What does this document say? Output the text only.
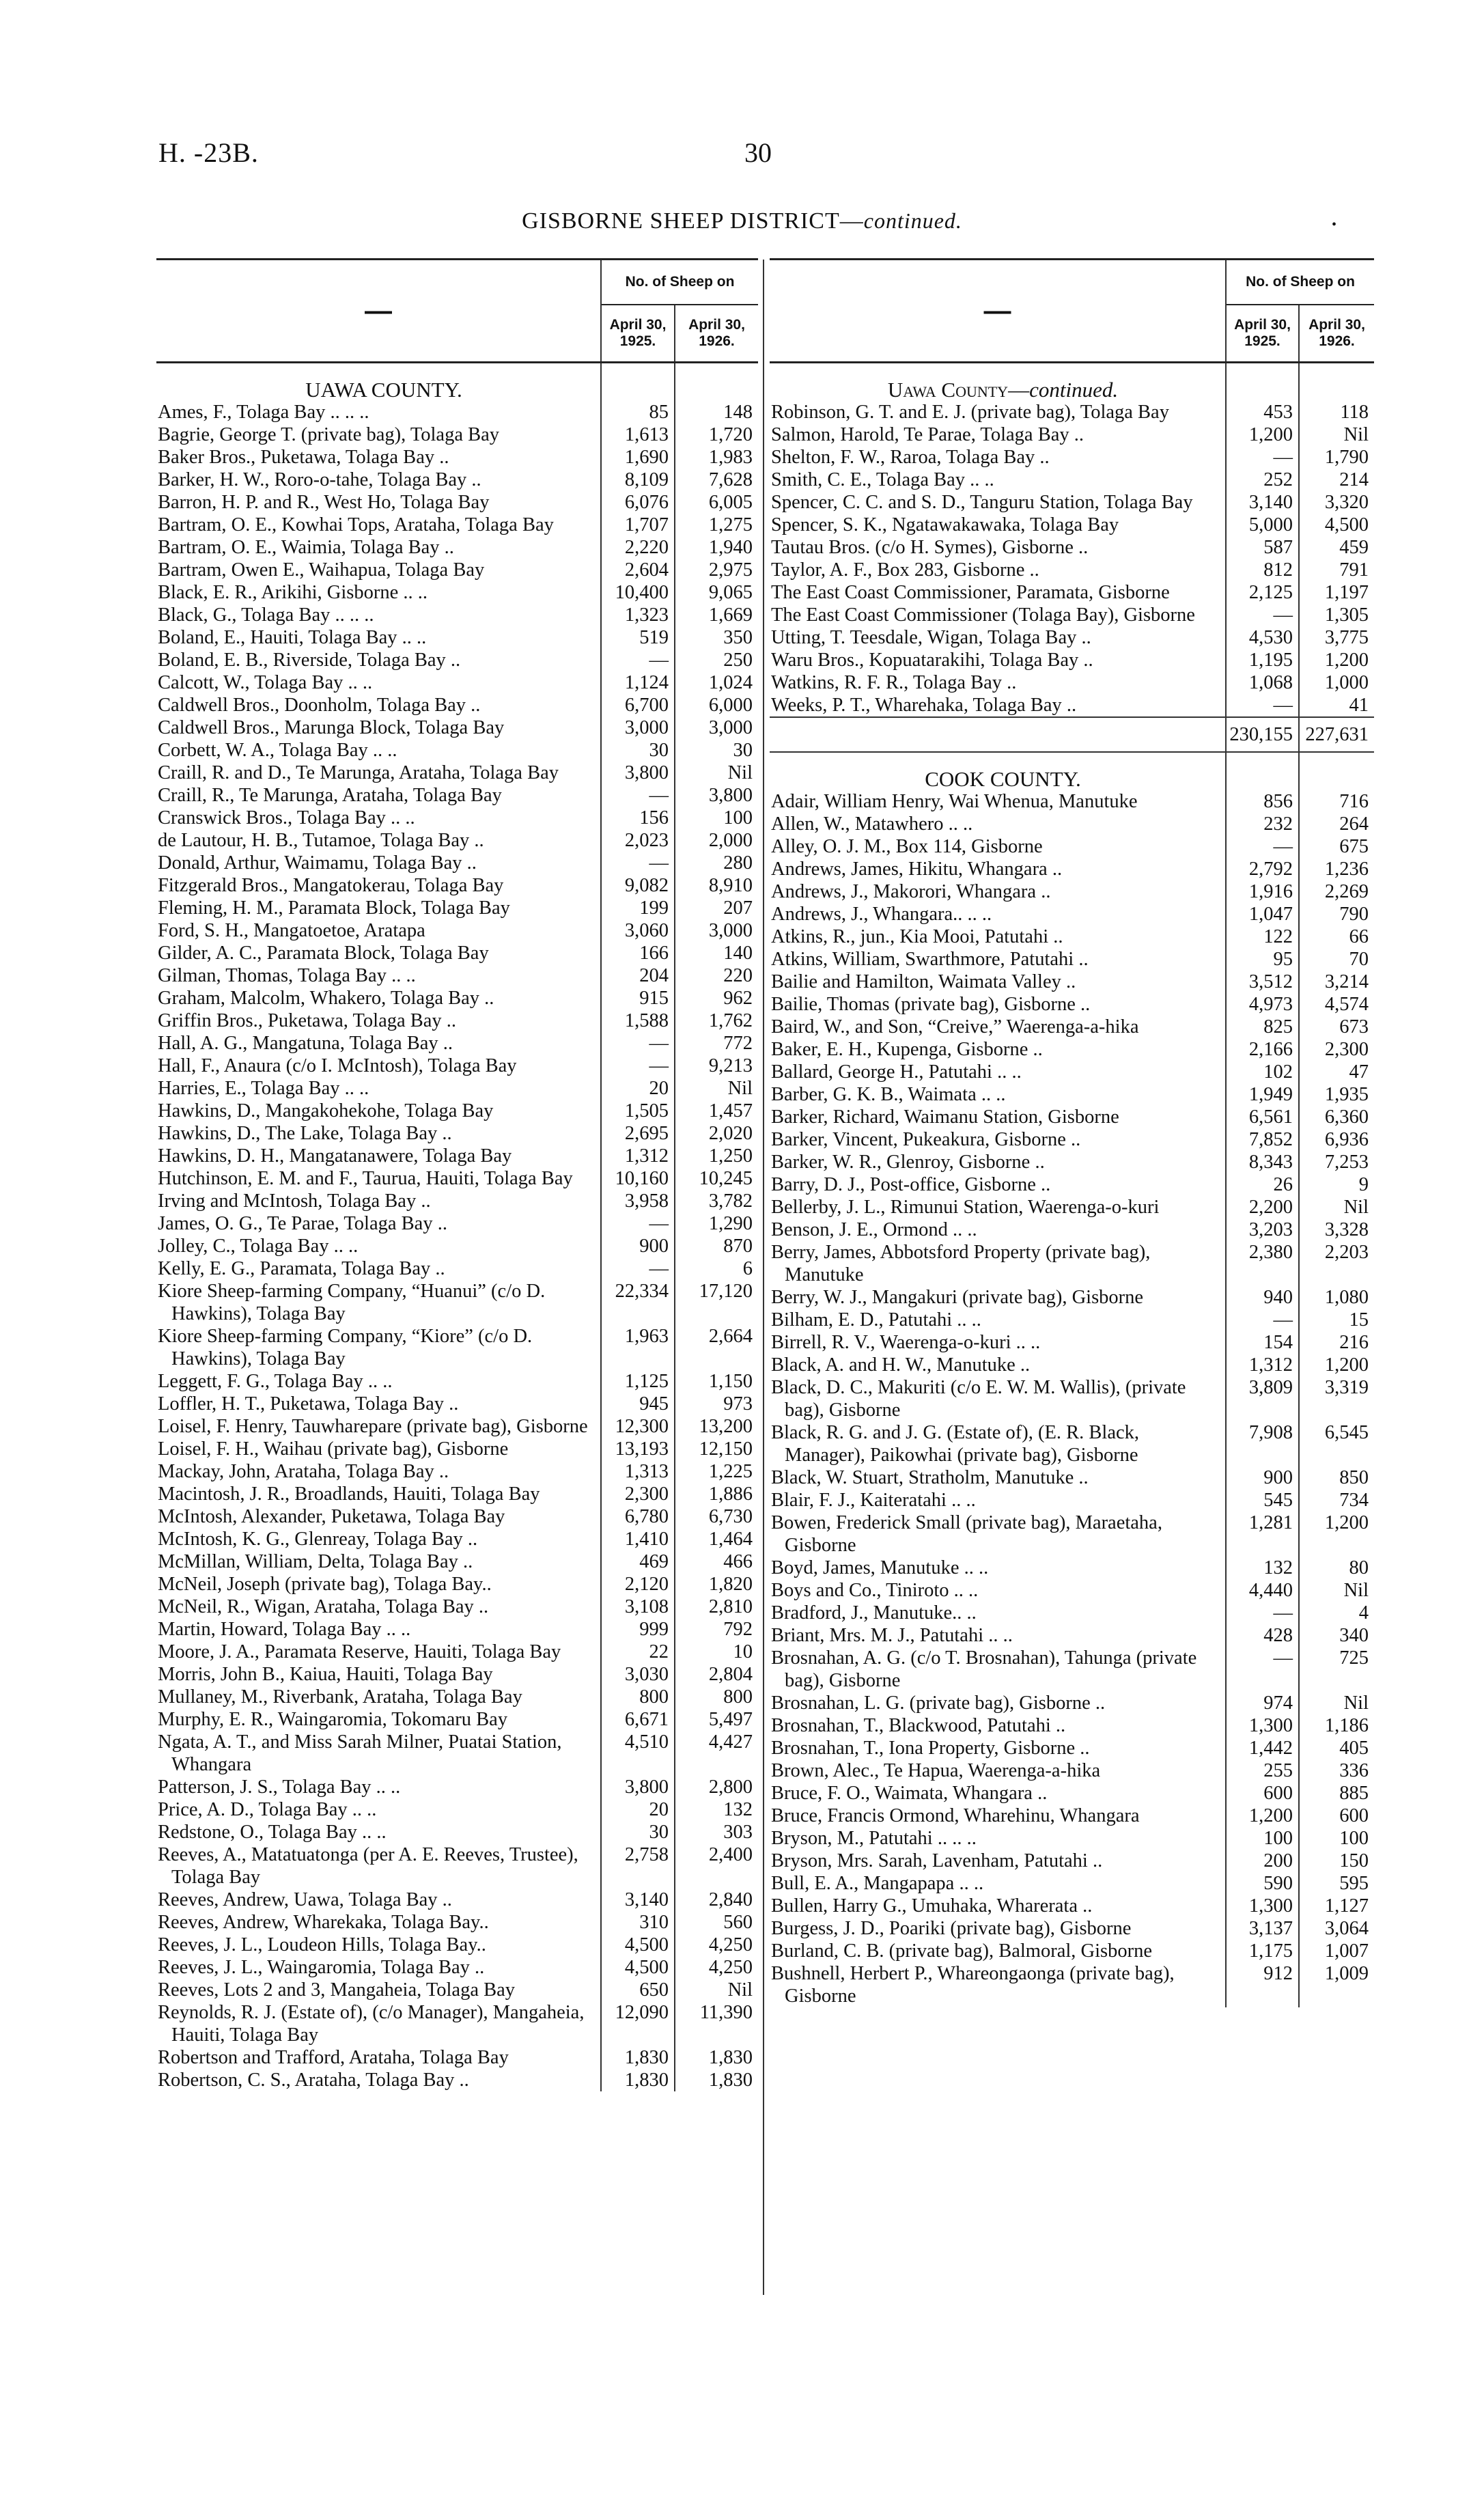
H. -23B.	30
GISBORNE SHEEP DISTRICT—continued.	•
—	No. of Sheep on	
	April 30, 1925.	April 30, 1926.
UAWA COUNTY.		
Ames, F., Tolaga Bay .. .. ..	85	148
Bagrie, George T. (private bag), Tolaga Bay	1,613	1,720
Baker Bros., Puketawa, Tolaga Bay ..	1,690	1,983
Barker, H. W., Roro-o-tahe, Tolaga Bay ..	8,109	7,628
Barron, H. P. and R., West Ho, Tolaga Bay	6,076	6,005
Bartram, O. E., Kowhai Tops, Arataha, Tolaga Bay	1,707	1,275
Bartram, O. E., Waimia, Tolaga Bay ..	2,220	1,940
Bartram, Owen E., Waihapua, Tolaga Bay	2,604	2,975
Black, E. R., Arikihi, Gisborne .. ..	10,400	9,065
Black, G., Tolaga Bay .. .. ..	1,323	1,669
Boland, E., Hauiti, Tolaga Bay .. ..	519	350
Boland, E. B., Riverside, Tolaga Bay ..	—	250
Calcott, W., Tolaga Bay .. ..	1,124	1,024
Caldwell Bros., Doonholm, Tolaga Bay ..	6,700	6,000
Caldwell Bros., Marunga Block, Tolaga Bay	3,000	3,000
Corbett, W. A., Tolaga Bay .. ..	30	30
Craill, R. and D., Te Marunga, Arataha, Tolaga Bay	3,800	Nil
Craill, R., Te Marunga, Arataha, Tolaga Bay	—	3,800
Cranswick Bros., Tolaga Bay .. ..	156	100
de Lautour, H. B., Tutamoe, Tolaga Bay ..	2,023	2,000
Donald, Arthur, Waimamu, Tolaga Bay ..	—	280
Fitzgerald Bros., Mangatokerau, Tolaga Bay	9,082	8,910
Fleming, H. M., Paramata Block, Tolaga Bay	199	207
Ford, S. H., Mangatoetoe, Aratapa	3,060	3,000
Gilder, A. C., Paramata Block, Tolaga Bay	166	140
Gilman, Thomas, Tolaga Bay .. ..	204	220
Graham, Malcolm, Whakero, Tolaga Bay ..	915	962
Griffin Bros., Puketawa, Tolaga Bay ..	1,588	1,762
Hall, A. G., Mangatuna, Tolaga Bay ..	—	772
Hall, F., Anaura (c/o I. McIntosh), Tolaga Bay	—	9,213
Harries, E., Tolaga Bay .. ..	20	Nil
Hawkins, D., Mangakohekohe, Tolaga Bay	1,505	1,457
Hawkins, D., The Lake, Tolaga Bay ..	2,695	2,020
Hawkins, D. H., Mangatanawere, Tolaga Bay	1,312	1,250
Hutchinson, E. M. and F., Taurua, Hauiti, Tolaga Bay	10,160	10,245
Irving and McIntosh, Tolaga Bay ..	3,958	3,782
James, O. G., Te Parae, Tolaga Bay ..	—	1,290
Jolley, C., Tolaga Bay .. ..	900	870
Kelly, E. G., Paramata, Tolaga Bay ..	—	6
Kiore Sheep-farming Company, “Huanui” (c/o D. Hawkins), Tolaga Bay	22,334	17,120
Kiore Sheep-farming Company, “Kiore” (c/o D. Hawkins), Tolaga Bay	1,963	2,664
Leggett, F. G., Tolaga Bay .. ..	1,125	1,150
Loffler, H. T., Puketawa, Tolaga Bay ..	945	973
Loisel, F. Henry, Tauwharepare (private bag), Gisborne	12,300	13,200
Loisel, F. H., Waihau (private bag), Gisborne	13,193	12,150
Mackay, John, Arataha, Tolaga Bay ..	1,313	1,225
Macintosh, J. R., Broadlands, Hauiti, Tolaga Bay	2,300	1,886
McIntosh, Alexander, Puketawa, Tolaga Bay	6,780	6,730
McIntosh, K. G., Glenreay, Tolaga Bay ..	1,410	1,464
McMillan, William, Delta, Tolaga Bay ..	469	466
McNeil, Joseph (private bag), Tolaga Bay..	2,120	1,820
McNeil, R., Wigan, Arataha, Tolaga Bay ..	3,108	2,810
Martin, Howard, Tolaga Bay .. ..	999	792
Moore, J. A., Paramata Reserve, Hauiti, Tolaga Bay	22	10
Morris, John B., Kaiua, Hauiti, Tolaga Bay	3,030	2,804
Mullaney, M., Riverbank, Arataha, Tolaga Bay	800	800
Murphy, E. R., Waingaromia, Tokomaru Bay	6,671	5,497
Ngata, A. T., and Miss Sarah Milner, Puatai Station, Whangara	4,510	4,427
Patterson, J. S., Tolaga Bay .. ..	3,800	2,800
Price, A. D., Tolaga Bay .. ..	20	132
Redstone, O., Tolaga Bay .. ..	30	303
Reeves, A., Matatuatonga (per A. E. Reeves, Trustee), Tolaga Bay	2,758	2,400
Reeves, Andrew, Uawa, Tolaga Bay ..	3,140	2,840
Reeves, Andrew, Wharekaka, Tolaga Bay..	310	560
Reeves, J. L., Loudeon Hills, Tolaga Bay..	4,500	4,250
Reeves, J. L., Waingaromia, Tolaga Bay ..	4,500	4,250
Reeves, Lots 2 and 3, Mangaheia, Tolaga Bay	650	Nil
Reynolds, R. J. (Estate of), (c/o Manager), Mangaheia, Hauiti, Tolaga Bay	12,090	11,390
Robertson and Trafford, Arataha, Tolaga Bay	1,830	1,830
Robertson, C. S., Arataha, Tolaga Bay ..	1,830	1,830
—	No. of Sheep on	
	April 30, 1925.	April 30, 1926.
Uawa County—continued.		
Robinson, G. T. and E. J. (private bag), Tolaga Bay	453	118
Salmon, Harold, Te Parae, Tolaga Bay ..	1,200	Nil
Shelton, F. W., Raroa, Tolaga Bay ..	—	1,790
Smith, C. E., Tolaga Bay .. ..	252	214
Spencer, C. C. and S. D., Tanguru Station, Tolaga Bay	3,140	3,320
Spencer, S. K., Ngatawakawaka, Tolaga Bay	5,000	4,500
Tautau Bros. (c/o H. Symes), Gisborne ..	587	459
Taylor, A. F., Box 283, Gisborne ..	812	791
The East Coast Commissioner, Paramata, Gisborne	2,125	1,197
The East Coast Commissioner (Tolaga Bay), Gisborne	—	1,305
Utting, T. Teesdale, Wigan, Tolaga Bay ..	4,530	3,775
Waru Bros., Kopuatarakihi, Tolaga Bay ..	1,195	1,200
Watkins, R. F. R., Tolaga Bay ..	1,068	1,000
Weeks, P. T., Wharehaka, Tolaga Bay ..	—	41
	230,155	227,631
COOK COUNTY.		
Adair, William Henry, Wai Whenua, Manutuke	856	716
Allen, W., Matawhero .. ..	232	264
Alley, O. J. M., Box 114, Gisborne	—	675
Andrews, James, Hikitu, Whangara ..	2,792	1,236
Andrews, J., Makorori, Whangara ..	1,916	2,269
Andrews, J., Whangara.. .. ..	1,047	790
Atkins, R., jun., Kia Mooi, Patutahi ..	122	66
Atkins, William, Swarthmore, Patutahi ..	95	70
Bailie and Hamilton, Waimata Valley ..	3,512	3,214
Bailie, Thomas (private bag), Gisborne ..	4,973	4,574
Baird, W., and Son, “Creive,” Waerenga-a-hika	825	673
Baker, E. H., Kupenga, Gisborne ..	2,166	2,300
Ballard, George H., Patutahi .. ..	102	47
Barber, G. K. B., Waimata .. ..	1,949	1,935
Barker, Richard, Waimanu Station, Gisborne	6,561	6,360
Barker, Vincent, Pukeakura, Gisborne ..	7,852	6,936
Barker, W. R., Glenroy, Gisborne ..	8,343	7,253
Barry, D. J., Post-office, Gisborne ..	26	9
Bellerby, J. L., Rimunui Station, Waerenga-o-kuri	2,200	Nil
Benson, J. E., Ormond .. ..	3,203	3,328
Berry, James, Abbotsford Property (private bag), Manutuke	2,380	2,203
Berry, W. J., Mangakuri (private bag), Gisborne	940	1,080
Bilham, E. D., Patutahi .. ..	—	15
Birrell, R. V., Waerenga-o-kuri .. ..	154	216
Black, A. and H. W., Manutuke ..	1,312	1,200
Black, D. C., Makuriti (c/o E. W. M. Wallis), (private bag), Gisborne	3,809	3,319
Black, R. G. and J. G. (Estate of), (E. R. Black, Manager), Paikowhai (private bag), Gisborne	7,908	6,545
Black, W. Stuart, Stratholm, Manutuke ..	900	850
Blair, F. J., Kaiteratahi .. ..	545	734
Bowen, Frederick Small (private bag), Maraetaha, Gisborne	1,281	1,200
Boyd, James, Manutuke .. ..	132	80
Boys and Co., Tiniroto .. ..	4,440	Nil
Bradford, J., Manutuke.. ..	—	4
Briant, Mrs. M. J., Patutahi .. ..	428	340
Brosnahan, A. G. (c/o T. Brosnahan), Tahunga (private bag), Gisborne	—	725
Brosnahan, L. G. (private bag), Gisborne ..	974	Nil
Brosnahan, T., Blackwood, Patutahi ..	1,300	1,186
Brosnahan, T., Iona Property, Gisborne ..	1,442	405
Brown, Alec., Te Hapua, Waerenga-a-hika	255	336
Bruce, F. O., Waimata, Whangara ..	600	885
Bruce, Francis Ormond, Wharehinu, Whangara	1,200	600
Bryson, M., Patutahi .. .. ..	100	100
Bryson, Mrs. Sarah, Lavenham, Patutahi ..	200	150
Bull, E. A., Mangapapa .. ..	590	595
Bullen, Harry G., Umuhaka, Wharerata ..	1,300	1,127
Burgess, J. D., Poariki (private bag), Gisborne	3,137	3,064
Burland, C. B. (private bag), Balmoral, Gisborne	1,175	1,007
Bushnell, Herbert P., Whareongaonga (private bag), Gisborne	912	1,009
